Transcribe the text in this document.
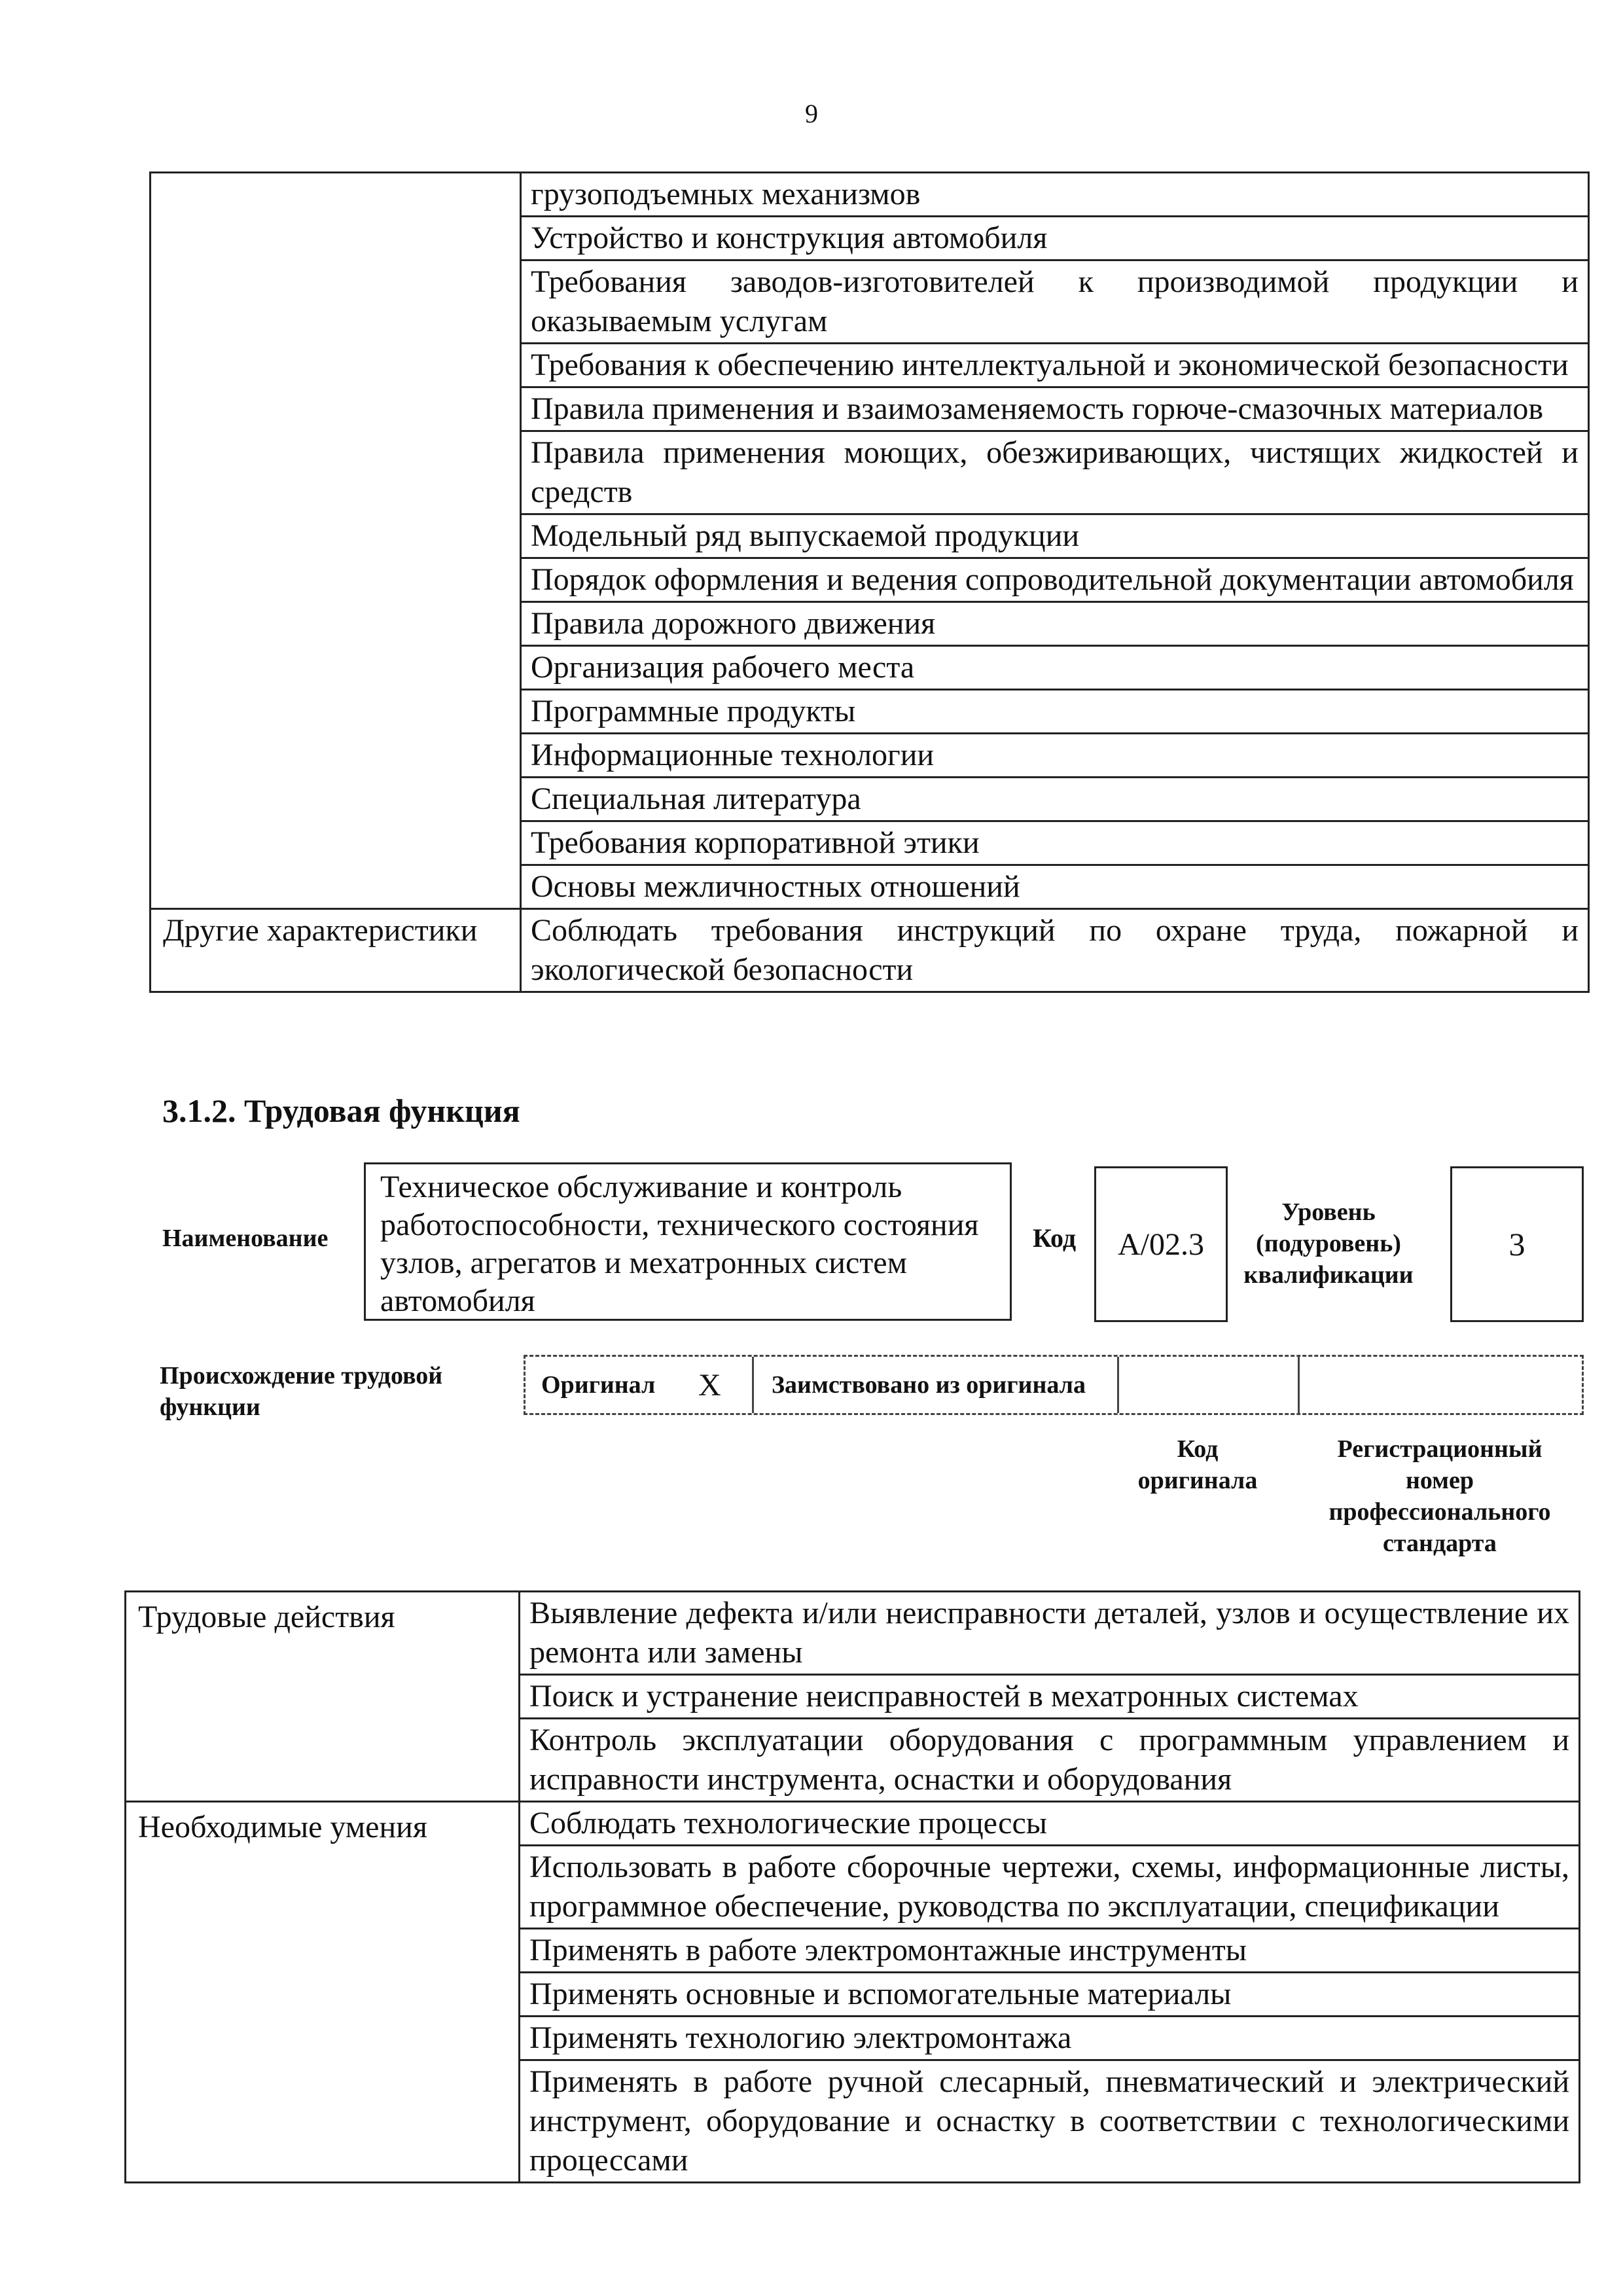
9
	грузоподъемных механизмов
	Устройство и конструкция автомобиля
	Требования заводов-изготовителей к производимой продукции и оказываемым услугам
	Требования к обеспечению интеллектуальной и экономической безопасности
	Правила применения и взаимозаменяемость горюче-смазочных материалов
	Правила применения моющих, обезжиривающих, чистящих жидкостей и средств
	Модельный ряд выпускаемой продукции
	Порядок оформления и ведения сопроводительной документации автомобиля
	Правила дорожного движения
	Организация рабочего места
	Программные продукты
	Информационные технологии
	Специальная литература
	Требования корпоративной этики
	Основы межличностных отношений
Другие характеристики	Соблюдать требования инструкций по охране труда, пожарной и экологической безопасности
3.1.2. Трудовая функция
Наименование
Техническое обслуживание и контроль работоспособности, технического состояния узлов, агрегатов и мехатронных систем автомобиля
Код A/02.3
Уровень (подуровень) квалификации
3
Происхождение трудовой функции
Оригинал X Заимствовано из оригинала
Код оригинала
Регистрационный номер профессионального стандарта
Трудовые действия	Выявление дефекта и/или неисправности деталей, узлов и осуществление их ремонта или замены
	Поиск и устранение неисправностей в мехатронных системах
	Контроль эксплуатации оборудования с программным управлением и исправности инструмента, оснастки и оборудования
Необходимые умения	Соблюдать технологические процессы
	Использовать в работе сборочные чертежи, схемы, информационные листы, программное обеспечение, руководства по эксплуатации, спецификации
	Применять в работе электромонтажные инструменты
	Применять основные и вспомогательные материалы
	Применять технологию электромонтажа
	Применять в работе ручной слесарный, пневматический и электрический инструмент, оборудование и оснастку в соответствии с технологическими процессами
